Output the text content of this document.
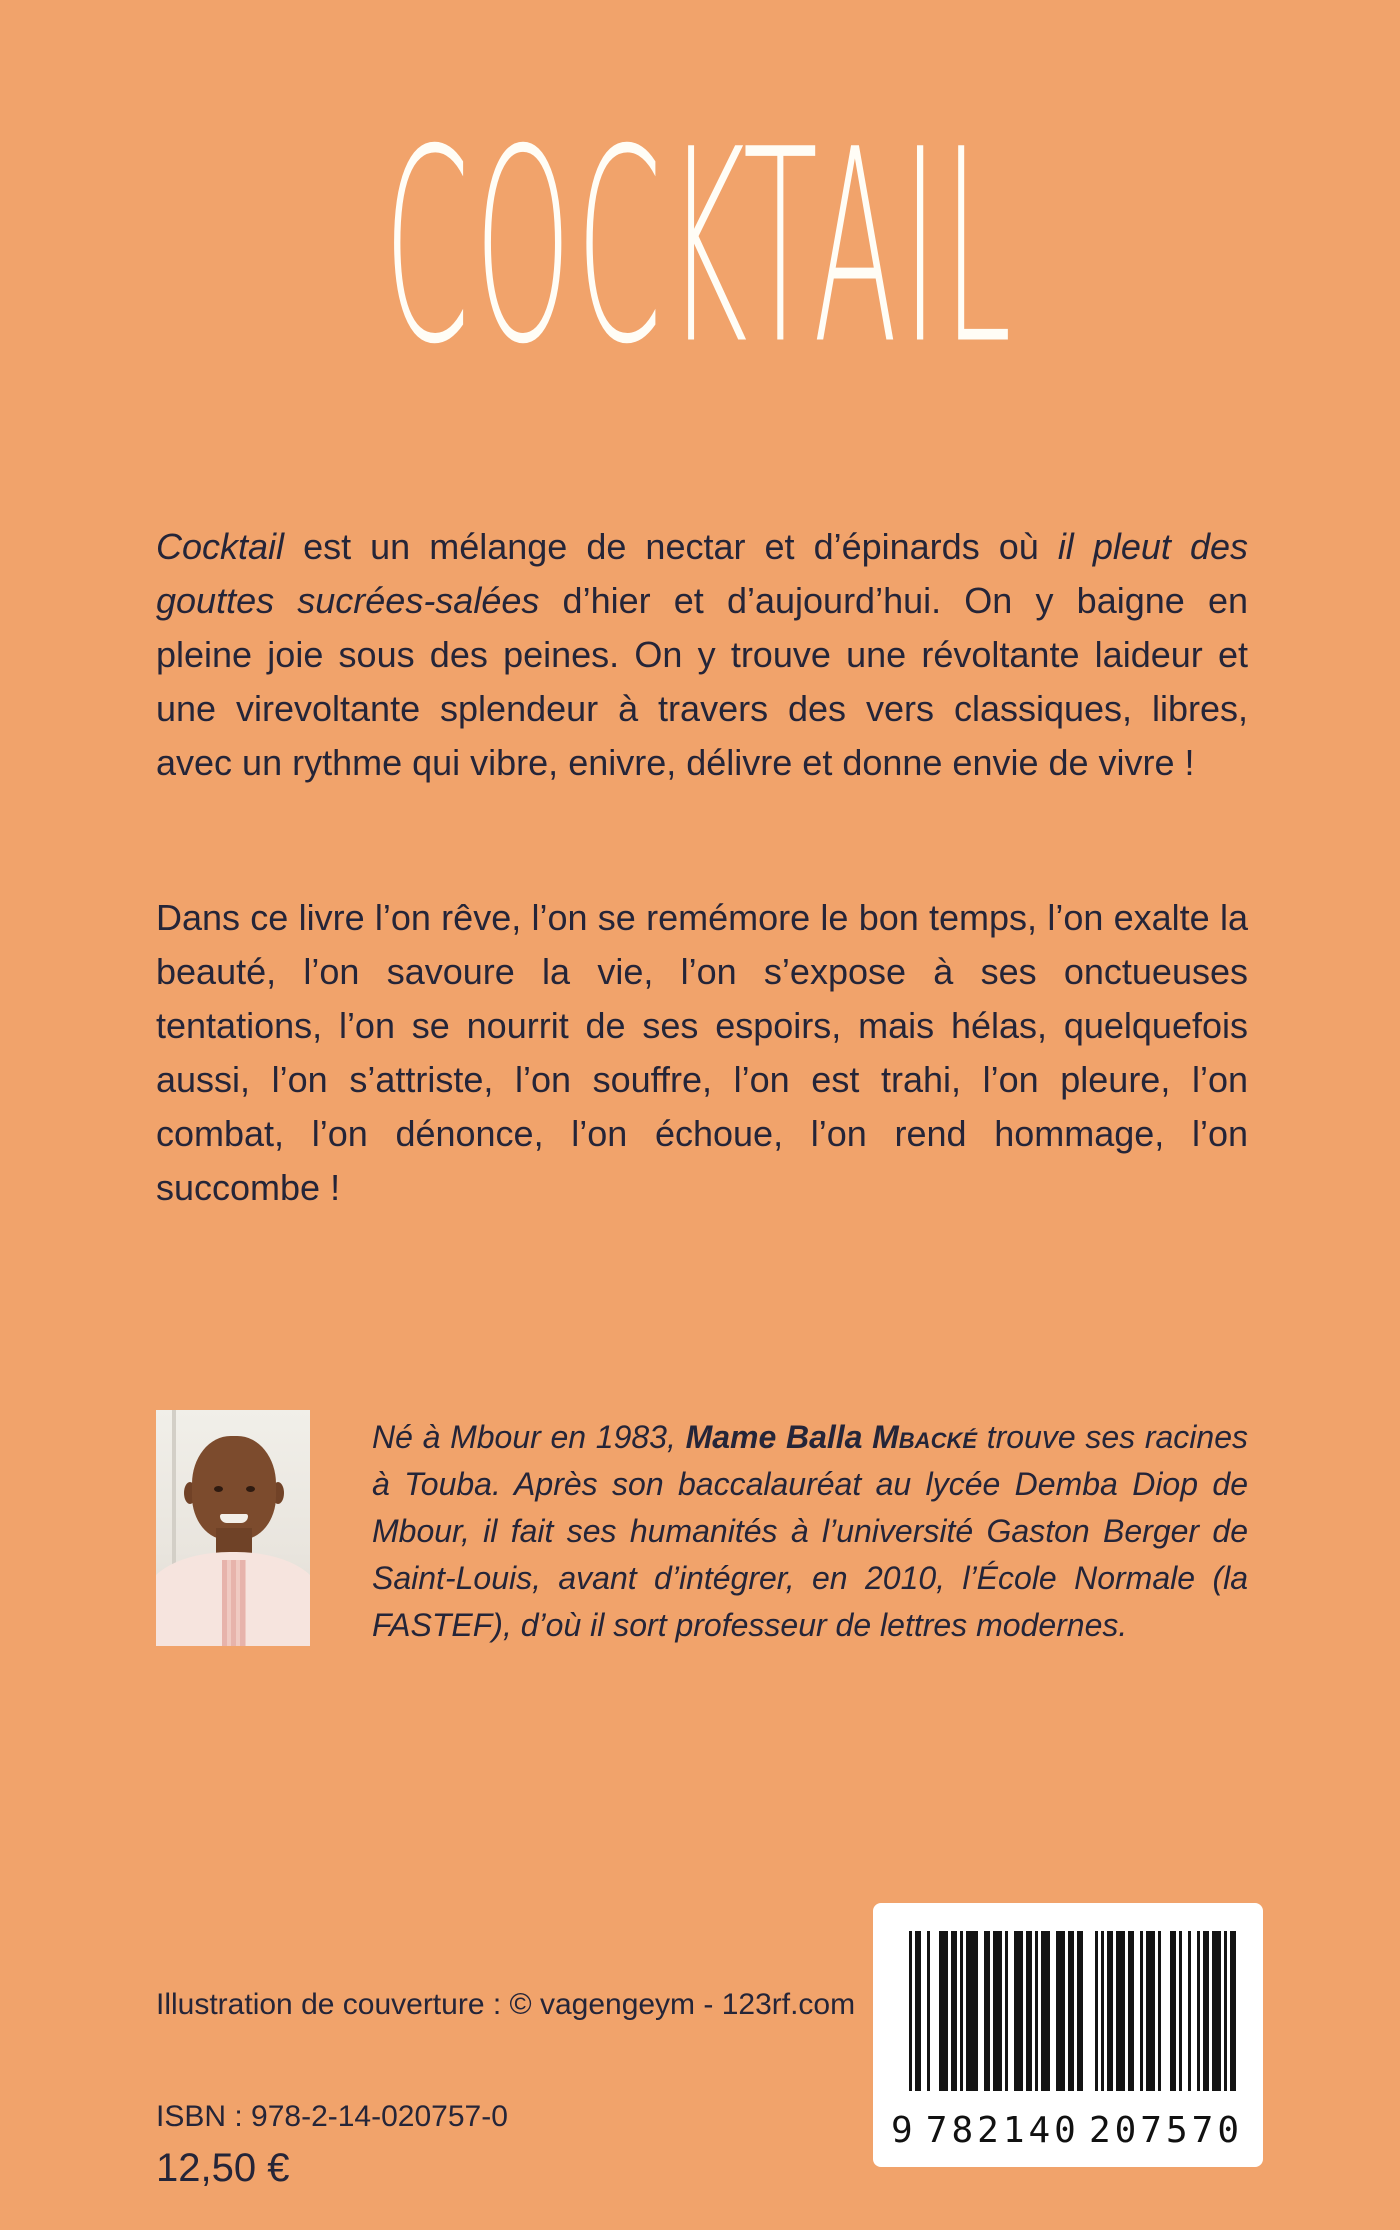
COCKTAIL

Cocktail est un mélange de nectar et d’épinards où il pleut des gouttes sucrées-salées d’hier et d’aujourd’hui. On y baigne en pleine joie sous des peines. On y trouve une révoltante laideur et une virevoltante splendeur à travers des vers classiques, libres, avec un rythme qui vibre, enivre, délivre et donne envie de vivre !

Dans ce livre l’on rêve, l’on se remémore le bon temps, l’on exalte la beauté, l’on savoure la vie, l’on s’expose à ses onctueuses tentations, l’on se nourrit de ses espoirs, mais hélas, quelquefois aussi, l’on s’attriste, l’on souffre, l’on est trahi, l’on pleure, l’on combat, l’on dénonce, l’on échoue, l’on rend hommage, l’on succombe !

Né à Mbour en 1983, Mame Balla Mbacké trouve ses racines à Touba. Après son baccalauréat au lycée Demba Diop de Mbour, il fait ses humanités à l’université Gaston Berger de Saint-Louis, avant d’intégrer, en 2010, l’École Normale (la FASTEF), d’où il sort professeur de lettres modernes.
Illustration de couverture : © vagengeym - 123rf.com
ISBN : 978-2-14-020757-0
12,50 €
9 782140 207570
